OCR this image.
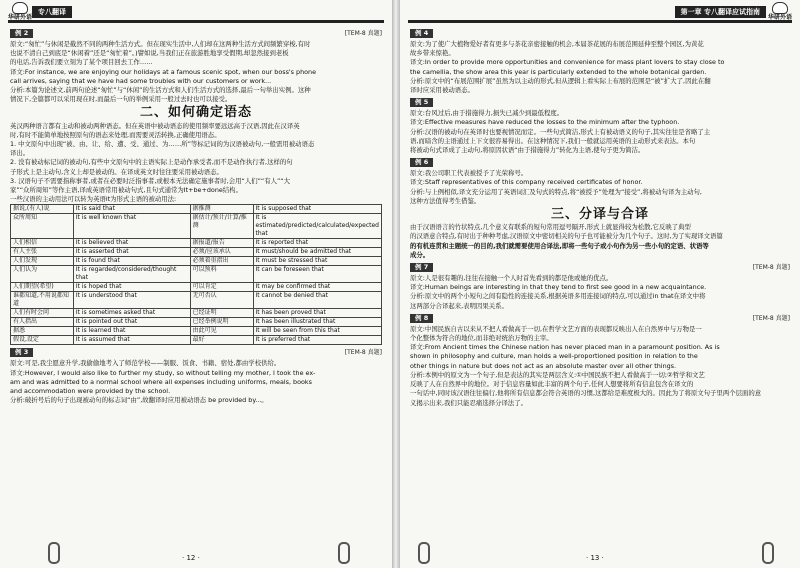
华研外语
专八翻译
例 2	[TEM-8 真题]

原文:“匆忙”与休闲是截然不同的两种生活方式。但在现实生活中,人们却在这两种生活方式间频繁穿梭,有时

也说不清自己到底是“休闲着”还是“匆忙着”。)譬如说,当我们正在旅游胜地享受假期,却忽然接到老板

的电话,告诉我们要立刻为了某个项目回去工作……

译文:For instance, we are enjoying our holidays at a famous scenic spot, when our boss's phone

call arrives, saying that we have had some troubles with our customers or work...

分析:本篇为论述文,前两句论述“匆忙”与“休闲”的生活方式和人们生活方式的选择,最后一句举出实例。这种

情况下,全篇都可以采用现在时,而最后一句的举例采用一般过去时也可以接受。

二、如何确定语态

英汉两种语言都有主动和被动两种语态。但在英语中被动语态的使用频率要远远高于汉语,因此在汉译英

时,有时不能简单地按照原句的语态来处理,而需要灵活转换,正确使用语态。

1. 中文原句中出现“被、由、让、给、遭、受、通过、为……所”等标记词的为汉语被动句,一般需用被动语态

译出。

2. 没有被动标记词的被动句,有些中文原句中的主语实际上是动作承受者,而不是动作执行者,这样的句

子形式上是主动句,含义上却是被动的。在译成英文时往往要采用被动语态。

3. 汉语句子不需要指称事者,或者在必要时泛指事者,或根本无法确定施事者时,会用“人们”“有人”“大

家”“众所周知”等作主语,译成英语常用被动句式,且句式通常为It+be+done结构。

一些汉语的主动用法可以转为英语it为形式主语的被动用法:

据说,(有人)说	It is said that	据推测	It is supposed that
众所周知	It is well known that	据估计/预计/计算/推测	It is estimated/predicted/calculated/expected that
人们相信	It is believed that	据报道/报告	It is reported that
有人主张	It is asserted that	必须/应该承认	It must/should be admitted that
人们发现	It is found that	必须着重指出	It must be stressed that
人们认为	It is regarded/considered/thought that	可以预料	It can be foreseen that
人们期望(希望)	It is hoped that	可以肯定	It may be confirmed that
谁都知道,不用说都知道	It is understood that	无可否认	It cannot be denied that
人们有时会问	It is sometimes asked that	已经证明	It has been proved that
有人指出	It is pointed out that	已经举例说明	It has been illustrated that
据悉	It is learned that	由此可见	It will be seen from this that
假设,设定	It is assumed that	最好	It is preferred that
例 3	[TEM-8 真题]

原文:可是,我尘愿意升学,我偷偷地考入了师范学校——制服、饭食、书籍、宿处,都由学校供给。

译文:However, I would also like to further my study, so without telling my mother, I took the ex-

am and was admitted to a normal school where all expenses including uniforms, meals, books

and accommodation were provided by the school.

分析:破折号后的句子出现被动句的标志词“由”,故翻译时应用被动语态 be provided by...。

· 12 ·
第一章 专八翻译应试指南
华研外语
例 4

原文:为了使广大植物爱好者有更多与茶花亲密接触的机会,本届茶花展的布展范围延伸至整个园区,为黄花

故乡带来惊艳。

译文:In order to provide more opportunities and convenience for mass plant lovers to stay close to

the camellia, the show area this year is particularly extended to the whole botanical garden.

分析:原文中的“布展范围扩展”虽然为以主动的形式,但从逻辑上看实际上布展的范围是“被”扩大了,因此在翻

译时应采用被动语态。

例 5

原文:台风过后,由于措施得力,损失已减少到最低程度。

译文:Effective measures have reduced the losses to the minimum after the typhoon.

分析:汉语的被动句在英译时也要视情况而定。一些句式简洁,形式上有被动语义的句子,其实往往是省略了主

语,而暗含的主语通过上下文很容易得出。在这种情况下,我们一般就运用英语的主动形式来表达。本句

将被动句式译成了主动句,将原因状语“由于措施得力”转化为主语,使句子更为简洁。

例 6

原文:我公司职工代表被授予了光荣称号。

译文:Staff representatives of this company received certificates of honor.

分析:与上例相似,译文充分运用了英语词汇及句式的特点,将“被授予”处理为“接受”,将被动句译为主动句,

这种方法值得考生借鉴。

三、分译与合译

由于汉语语言的竹状特点,几个意义有联系的短句常用逗号隔开,形式上就显得较为松散,它反映了典型

的汉语意合特点,有时出于种种考虑,汉语原文中密切相关的句子也可能被分为几个句子。这时,为了实现译文语篇

的有机连贯和主题统一的目的,我们就需要使用合译法,即将一些句子或小句作为另一些小句的定语、状语等

成分。

例 7	[TEM-8 真题]

原文:人是很有趣的,往往在接触一个人时首先看到的都是他或她的优点。

译文:Human beings are interesting in that they tend to first see good in a new acquaintance.

分析:原文中的两个小短句之间有隐性的连接关系,根据英语多用连接词的特点,可以通过in that在译文中将

这两部分合译起来,表明因果关系。

例 8	[TEM-8 真题]

原文:中国民族自古以来从不把人看做高于一切,在哲学文艺方面的表现都反映出人在自然界中与万物是一

个化整体为符合的地位,而非绝对统治万物的主宰。

译文:From Ancient times the Chinese nation has never placed man in a paramount position. As is

shown in philosophy and culture, man holds a well-proportioned position in relation to the

other things in nature but does not act as an absolute master over all other things.

分析:本例中的原文为一个句子,但是表达的其实是两层含义:①中国民族不把人看做高于一切;②哲学和文艺

反映了人在自然界中的地位。对于信息容量如此丰富的两个句子,任何人想要将所有信息包含在译文的

一句话中,同时该汉语往往偏行,他将所有信息都会符合英语的习惯,这都给是难度极大的。因此为了将原文句子里两个层面的意

义揭示出来,我们只能忍痛选择分译法了。

· 13 ·
